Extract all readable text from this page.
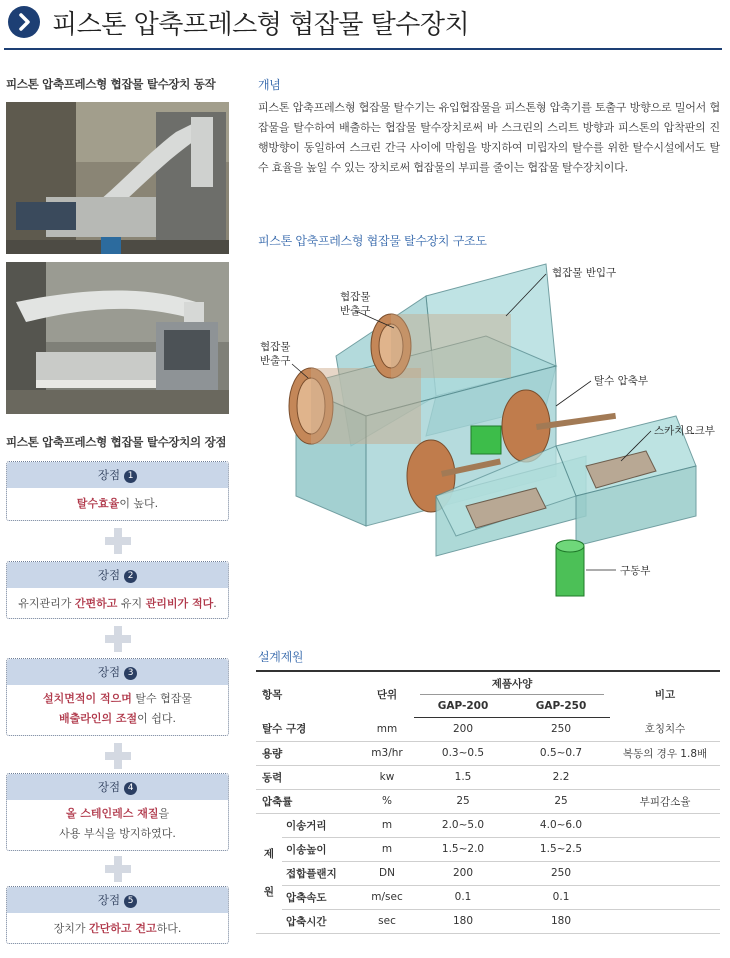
피스톤 압축프레스형 협잡물 탈수장치
피스톤 압축프레스형 협잡물 탈수장치 동작
피스톤 압축프레스형 협잡물 탈수장치의 장점
장점 1
탈수효율이 높다.
장점 2
유지관리가 간편하고 유지 관리비가 적다.
장점 3
설치면적이 적으며 탈수 협잡물
배출라인의 조절이 쉽다.
장점 4
올 스테인레스 재질을
사용 부식을 방지하였다.
장점 5
장치가 간단하고 견고하다.
개념
피스톤 압축프레스형 협잡물 탈수기는 유입협잡물을 피스톤형 압축기를 토출구 방향으로 밀어서 협잡물을 탈수하여 배출하는 협잡물 탈수장치로써 바 스크린의 스리트 방향과 피스톤의 압착판의 진행방향이 동일하여 스크린 간극 사이에 막힘을 방지하여 미립자의 탈수를 위한 탈수시설에서도 탈수 효율을 높일 수 있는 장치로써 협잡물의 부피를 줄이는 협잡물 탈수장치이다.
피스톤 압축프레스형 협잡물 탈수장치 구조도
협잡물 반입구
협잡물
반출구
협잡물
반출구
탈수 압축부
스카치요크부
구동부
설계제원
항목		단위	제품사양		비고
			GAP-200	GAP-250	
탈수 구경		mm	200	250	호칭치수
용량		m3/hr	0.3~0.5	0.5~0.7	복동의 경우 1.8배
동력		kw	1.5	2.2	
압축률		%	25	25	부피감소율

제
원	이송거리	m	2.0~5.0	4.0~6.0	
	이송높이	m	1.5~2.0	1.5~2.5	
	접합플랜지	DN	200	250	
	압축속도	m/sec	0.1	0.1	
	압축시간	sec	180	180	
